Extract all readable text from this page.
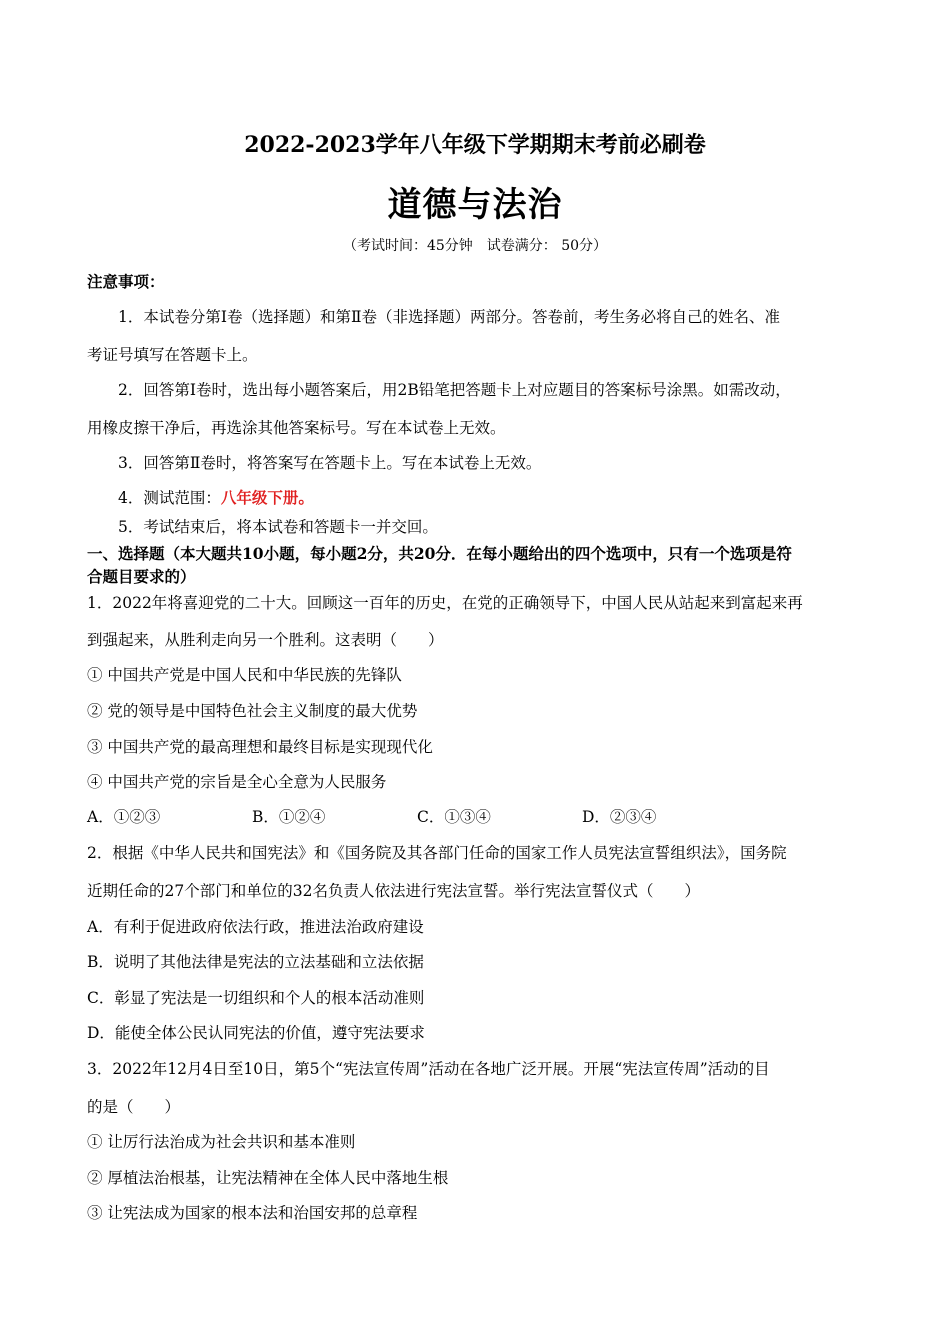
2022-2023学年八年级下学期期末考前必刷卷
道德与法治
（考试时间：45分钟　试卷满分： 50分）
注意事项：
1．本试卷分第Ⅰ卷（选择题）和第Ⅱ卷（非选择题）两部分。答卷前，考生务必将自己的姓名、准
考证号填写在答题卡上。
2．回答第Ⅰ卷时，选出每小题答案后，用2B铅笔把答题卡上对应题目的答案标号涂黑。如需改动，
用橡皮擦干净后，再选涂其他答案标号。写在本试卷上无效。
3．回答第Ⅱ卷时，将答案写在答题卡上。写在本试卷上无效。
4．测试范围：八年级下册。
5．考试结束后，将本试卷和答题卡一并交回。
一、选择题（本大题共10小题，每小题2分，共20分．在每小题给出的四个选项中，只有一个选项是符
合题目要求的）
1．2022年将喜迎党的二十大。回顾这一百年的历史，在党的正确领导下，中国人民从站起来到富起来再
到强起来，从胜利走向另一个胜利。这表明（　　）
① 中国共产党是中国人民和中华民族的先锋队
② 党的领导是中国特色社会主义制度的最大优势
③ 中国共产党的最高理想和最终目标是实现现代化
④ 中国共产党的宗旨是全心全意为人民服务
A．①②③	B．①②④	C．①③④	D．②③④
2．根据《中华人民共和国宪法》和《国务院及其各部门任命的国家工作人员宪法宣誓组织法》，国务院
近期任命的27个部门和单位的32名负责人依法进行宪法宣誓。举行宪法宣誓仪式（　　）
A．有利于促进政府依法行政，推进法治政府建设
B．说明了其他法律是宪法的立法基础和立法依据
C．彰显了宪法是一切组织和个人的根本活动准则
D．能使全体公民认同宪法的价值，遵守宪法要求
3．2022年12月4日至10日，第5个“宪法宣传周”活动在各地广泛开展。开展“宪法宣传周”活动的目
的是（　　）
① 让厉行法治成为社会共识和基本准则
② 厚植法治根基，让宪法精神在全体人民中落地生根
③ 让宪法成为国家的根本法和治国安邦的总章程
